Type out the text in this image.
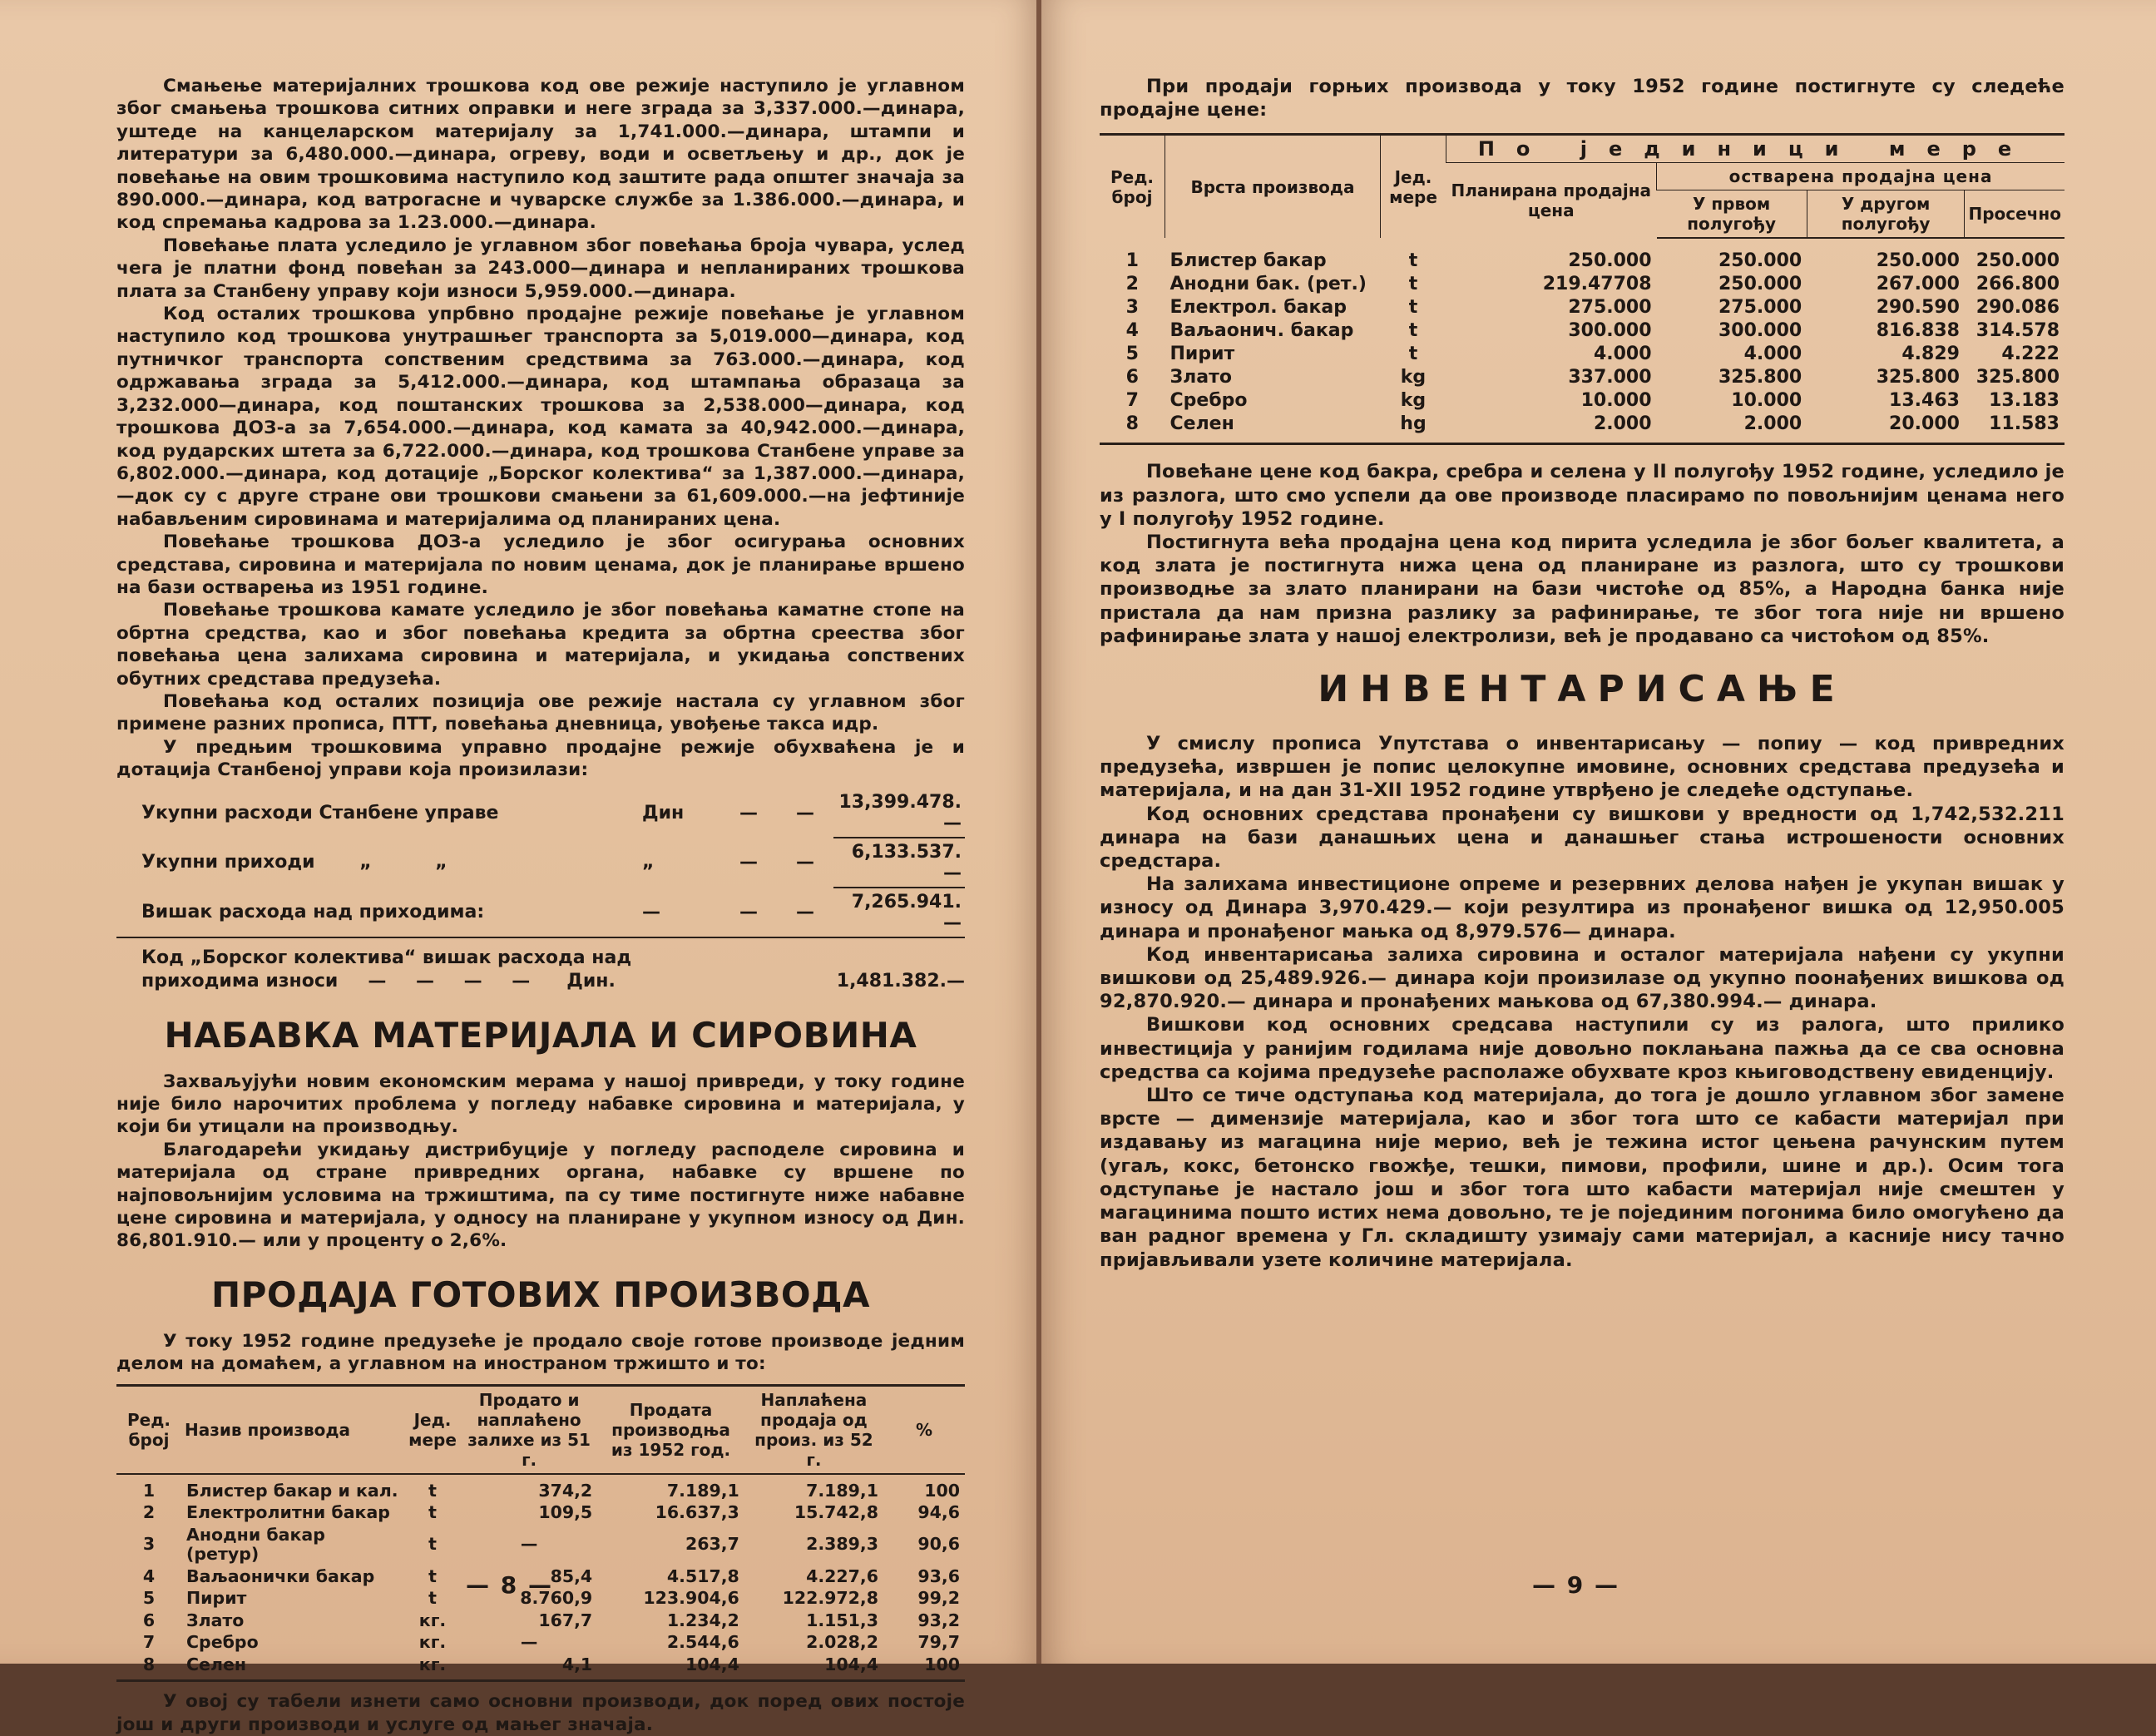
Смањење материјалних трошкова код ове режије наступило је углавном због смањења трошкова ситних оправки и неге зграда за 3,337.000.—динара, уштеде на канцеларском материјалу за 1,741.000.—динара, штампи и литератури за 6,480.000.—динара, огреву, води и осветљењу и др., док је повећање на овим трошковима наступило код заштите рада општег значаја за 890.000.—динара, код ватрогасне и чуварске службе за 1.386.000.—динара, и код спремања кадрова за 1.23.000.—динара.

Повећање плата уследило је углавном због повећања броја чувара, услед чега је платни фонд повећан за 243.000—динара и непланираних трошкова плата за Станбену управу који износи 5,959.000.—динара.

Код осталих трошкова упрбвно продајне режије повећање је углавном наступило код трошкова унутрашњег транспорта за 5,019.000—динара, код путничког транспорта сопственим средствима за 763.000.—динара, код одржавања зграда за 5,412.000.—динара, код штампања образаца за 3,232.000—динара, код поштанских трошкова за 2,538.000—динара, код трошкова ДОЗ-а за 7,654.000.—динара, код камата за 40,942.000.—динара, код рударских штета за 6,722.000.—динара, код трошкова Станбене управе за 6,802.000.—динара, код дотације „Борског колектива“ за 1,387.000.—динара,—док су с друге стране ови трошкови смањени за 61,609.000.—на јефтиније набављеним сировинама и материјалима од планираних цена.

Повећање трошкова ДОЗ-а уследило је због осигурања основних средстава, сировина и материјала по новим ценама, док је планирање вршено на бази остварења из 1951 године.

Повећање трошкова камате уследило је због повећања каматне стопе на обртна средства, као и због повећања кредита за обртна среества због повећања цена залихама сировина и материјала, и укидања сопствених обутних средстава предузећа.

Повећања код осталих позиција ове режије настала су углавном због примене разних прописа, ПТТ, повећања дневница, увођење такса идр.

У предњим трошковима управно продајне режије обухваћена је и дотација Станбеној управи која произилази:

Укупни расходи Станбене управе	Дин	—	—	13,399.478.—
Укупни приходи „ „	„	—	—	6,133.537.—
Вишак расхода над приходима:	—	—	—	7,265.941.—
Код „Борског колектива“ вишак расхода над
приходима износи — — — — Дин.	1,481.382.—
НАБАВКА МАТЕРИЈАЛА И СИРОВИНА

Захваљујући новим економским мерама у нашој привреди, у току године није било нарочитих проблема у погледу набавке сировина и материјала, у који би утицали на производњу.

Благодарећи укидању дистрибуције у погледу расподеле сировина и материјала од стране привредних органа, набавке су вршене по најповољнијим условима на тржиштима, па су тиме постигнуте ниже набавне цене сировина и материјала, у односу на планиране у укупном износу од Дин. 86,801.910.— или у проценту о 2,6%.

ПРОДАЈА ГОТОВИХ ПРОИЗВОДА

У току 1952 године предузеће је продало своје готове производе једним делом на домаћем, а углавном на иностраном тржишто и то:

Ред. број	Назив производа	Јед. мере	Продато и наплаћено залихе из 51 г.	Продата производња из 1952 год.	Наплаћена продаја од произ. из 52 г.	%
1	Блистер бакар и кал.	t	374,2	7.189,1	7.189,1	100
2	Електролитни бакар	t	109,5	16.637,3	15.742,8	94,6
3	Анодни бакар (ретур)	t	—	263,7	2.389,3	90,6
4	Ваљаонички бакар	t	85,4	4.517,8	4.227,6	93,6
5	Пирит	t	8.760,9	123.904,6	122.972,8	99,2
6	Злато	кг.	167,7	1.234,2	1.151,3	93,2
7	Сребро	кг.	—	2.544,6	2.028,2	79,7
8	Селен	кг.	4,1	104,4	104,4	100

У овој су табели изнети само основни производи, док поред ових постоје још и други производи и услуге од мањег значаја.

— 8 —

При продаји горњих производа у току 1952 године постигнуте су следеће продајне цене:

Ред. број	Врста производа	Јед. мере	По јединици мере			
			Планирана продајна цена	остварена продајна цена		
				У првом полугођу	У другом полугођу	Просечно
1	Блистер бакар	t	250.000	250.000	250.000	250.000
2	Анодни бак. (рет.)	t	219.47708	250.000	267.000	266.800
3	Електрол. бакар	t	275.000	275.000	290.590	290.086
4	Ваљаонич. бакар	t	300.000	300.000	816.838	314.578
5	Пирит	t	4.000	4.000	4.829	4.222
6	Злато	kg	337.000	325.800	325.800	325.800
7	Сребро	kg	10.000	10.000	13.463	13.183
8	Селен	hg	2.000	2.000	20.000	11.583

Повећане цене код бакра, сребра и селена у II полугођу 1952 године, уследило је из разлога, што смо успели да ове производе пласирамо по повољнијим ценама него у I полугођу 1952 године.

Постигнута већа продајна цена код пирита уследила је због бољег квалитета, а код злата је постигнута нижа цена од планиране из разлога, што су трошкови производње за злато планирани на бази чистоће од 85%, а Народна банка није пристала да нам призна разлику за рафинирање, те због тога није ни вршено рафинирање злата у нашој електролизи, већ је продавано са чистоћом од 85%.

ИНВЕНТАРИСАЊЕ

У смислу прописа Упутстава о инвентарисању — попиу — код привредних предузећа, извршен је попис целокупне имовине, основних средстава предузећа и материјала, и на дан 31-XII 1952 године утврђено је следеће одступање.

Код основних средстава пронађени су вишкови у вредности од 1,742,532.211 динара на бази данашњих цена и данашњег стања истрошености основних средстара.

На залихама инвестиционе опреме и резервних делова нађен је укупан вишак у износу од Динара 3,970.429.— који резултира из пронађеног вишка од 12,950.005 динара и пронађеног мањка од 8,979.576— динара.

Код инвентарисања залиха сировина и осталог материјала нађени су укупни вишкови од 25,489.926.— динара који произилазе од укупно поонађених вишкова од 92,870.920.— динара и пронађених мањкова од 67,380.994.— динара.

Вишкови код основних средсава наступили су из ралога, што прилико инвестиција у ранијим годилама није довољно поклањана пажња да се сва основна средства са којима предузеће располаже обухвате кроз књиговодствену евиденцију.

Што се тиче одступања код материјала, до тога је дошло углавном због замене врсте — димензије материјала, као и због тога што се кабасти материјал при издавању из магацина није мерио, већ је тежина истог цењена рачунским путем (угаљ, кокс, бетонско гвожђе, тешки, пимови, профили, шине и др.). Осим тога одступање је настало још и због тога што кабасти материјал није смештен у магацинима пошто истих нема довољно, те је појединим погонима било омогућено да ван радног времена у Гл. складишту узимају сами материјал, а касније нису тачно пријављивали узете количине материјала.

— 9 —
